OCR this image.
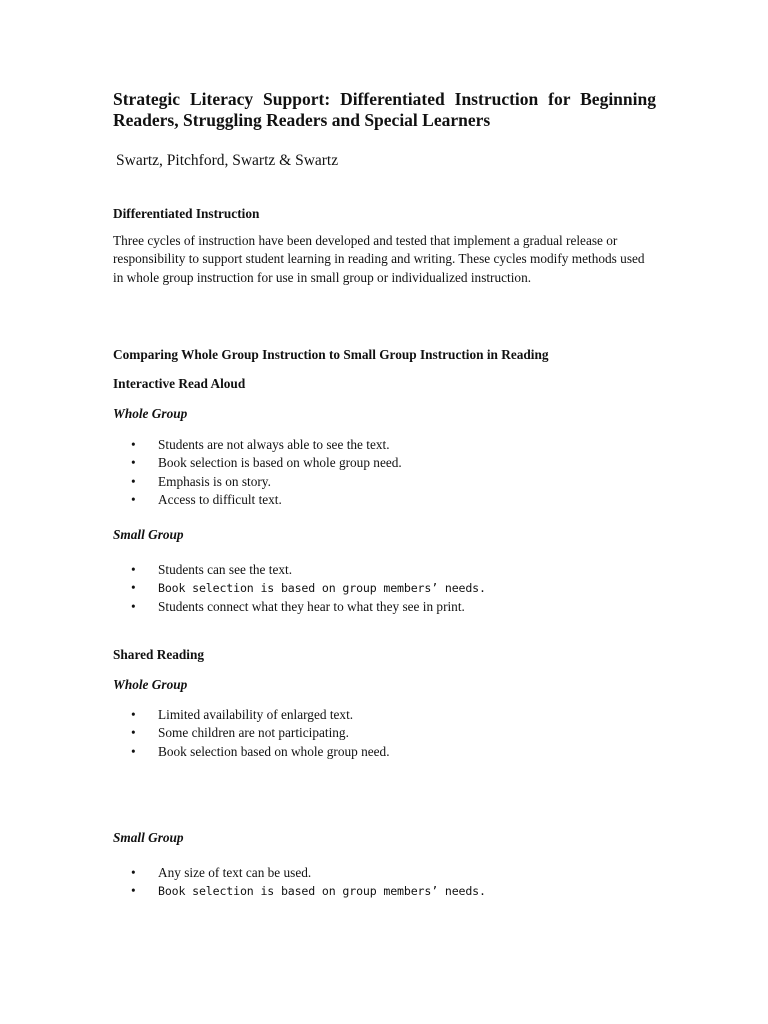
Strategic Literacy Support: Differentiated Instruction for Beginning Readers, Struggling Readers and Special Learners

Swartz, Pitchford, Swartz & Swartz

Differentiated Instruction

Three cycles of instruction have been developed and tested that implement a gradual release or responsibility to support student learning in reading and writing. These cycles modify methods used in whole group instruction for use in small group or individualized instruction.

Comparing Whole Group Instruction to Small Group Instruction in Reading

Interactive Read Aloud

Whole Group

• Students are not always able to see the text.
• Book selection is based on whole group need.
• Emphasis is on story.
• Access to difficult text.

Small Group

• Students can see the text.
• Book selection is based on group members’ needs.
• Students connect what they hear to what they see in print.

Shared Reading

Whole Group

• Limited availability of enlarged text.
• Some children are not participating.
• Book selection based on whole group need.

Small Group

• Any size of text can be used.
• Book selection is based on group members’ needs.
